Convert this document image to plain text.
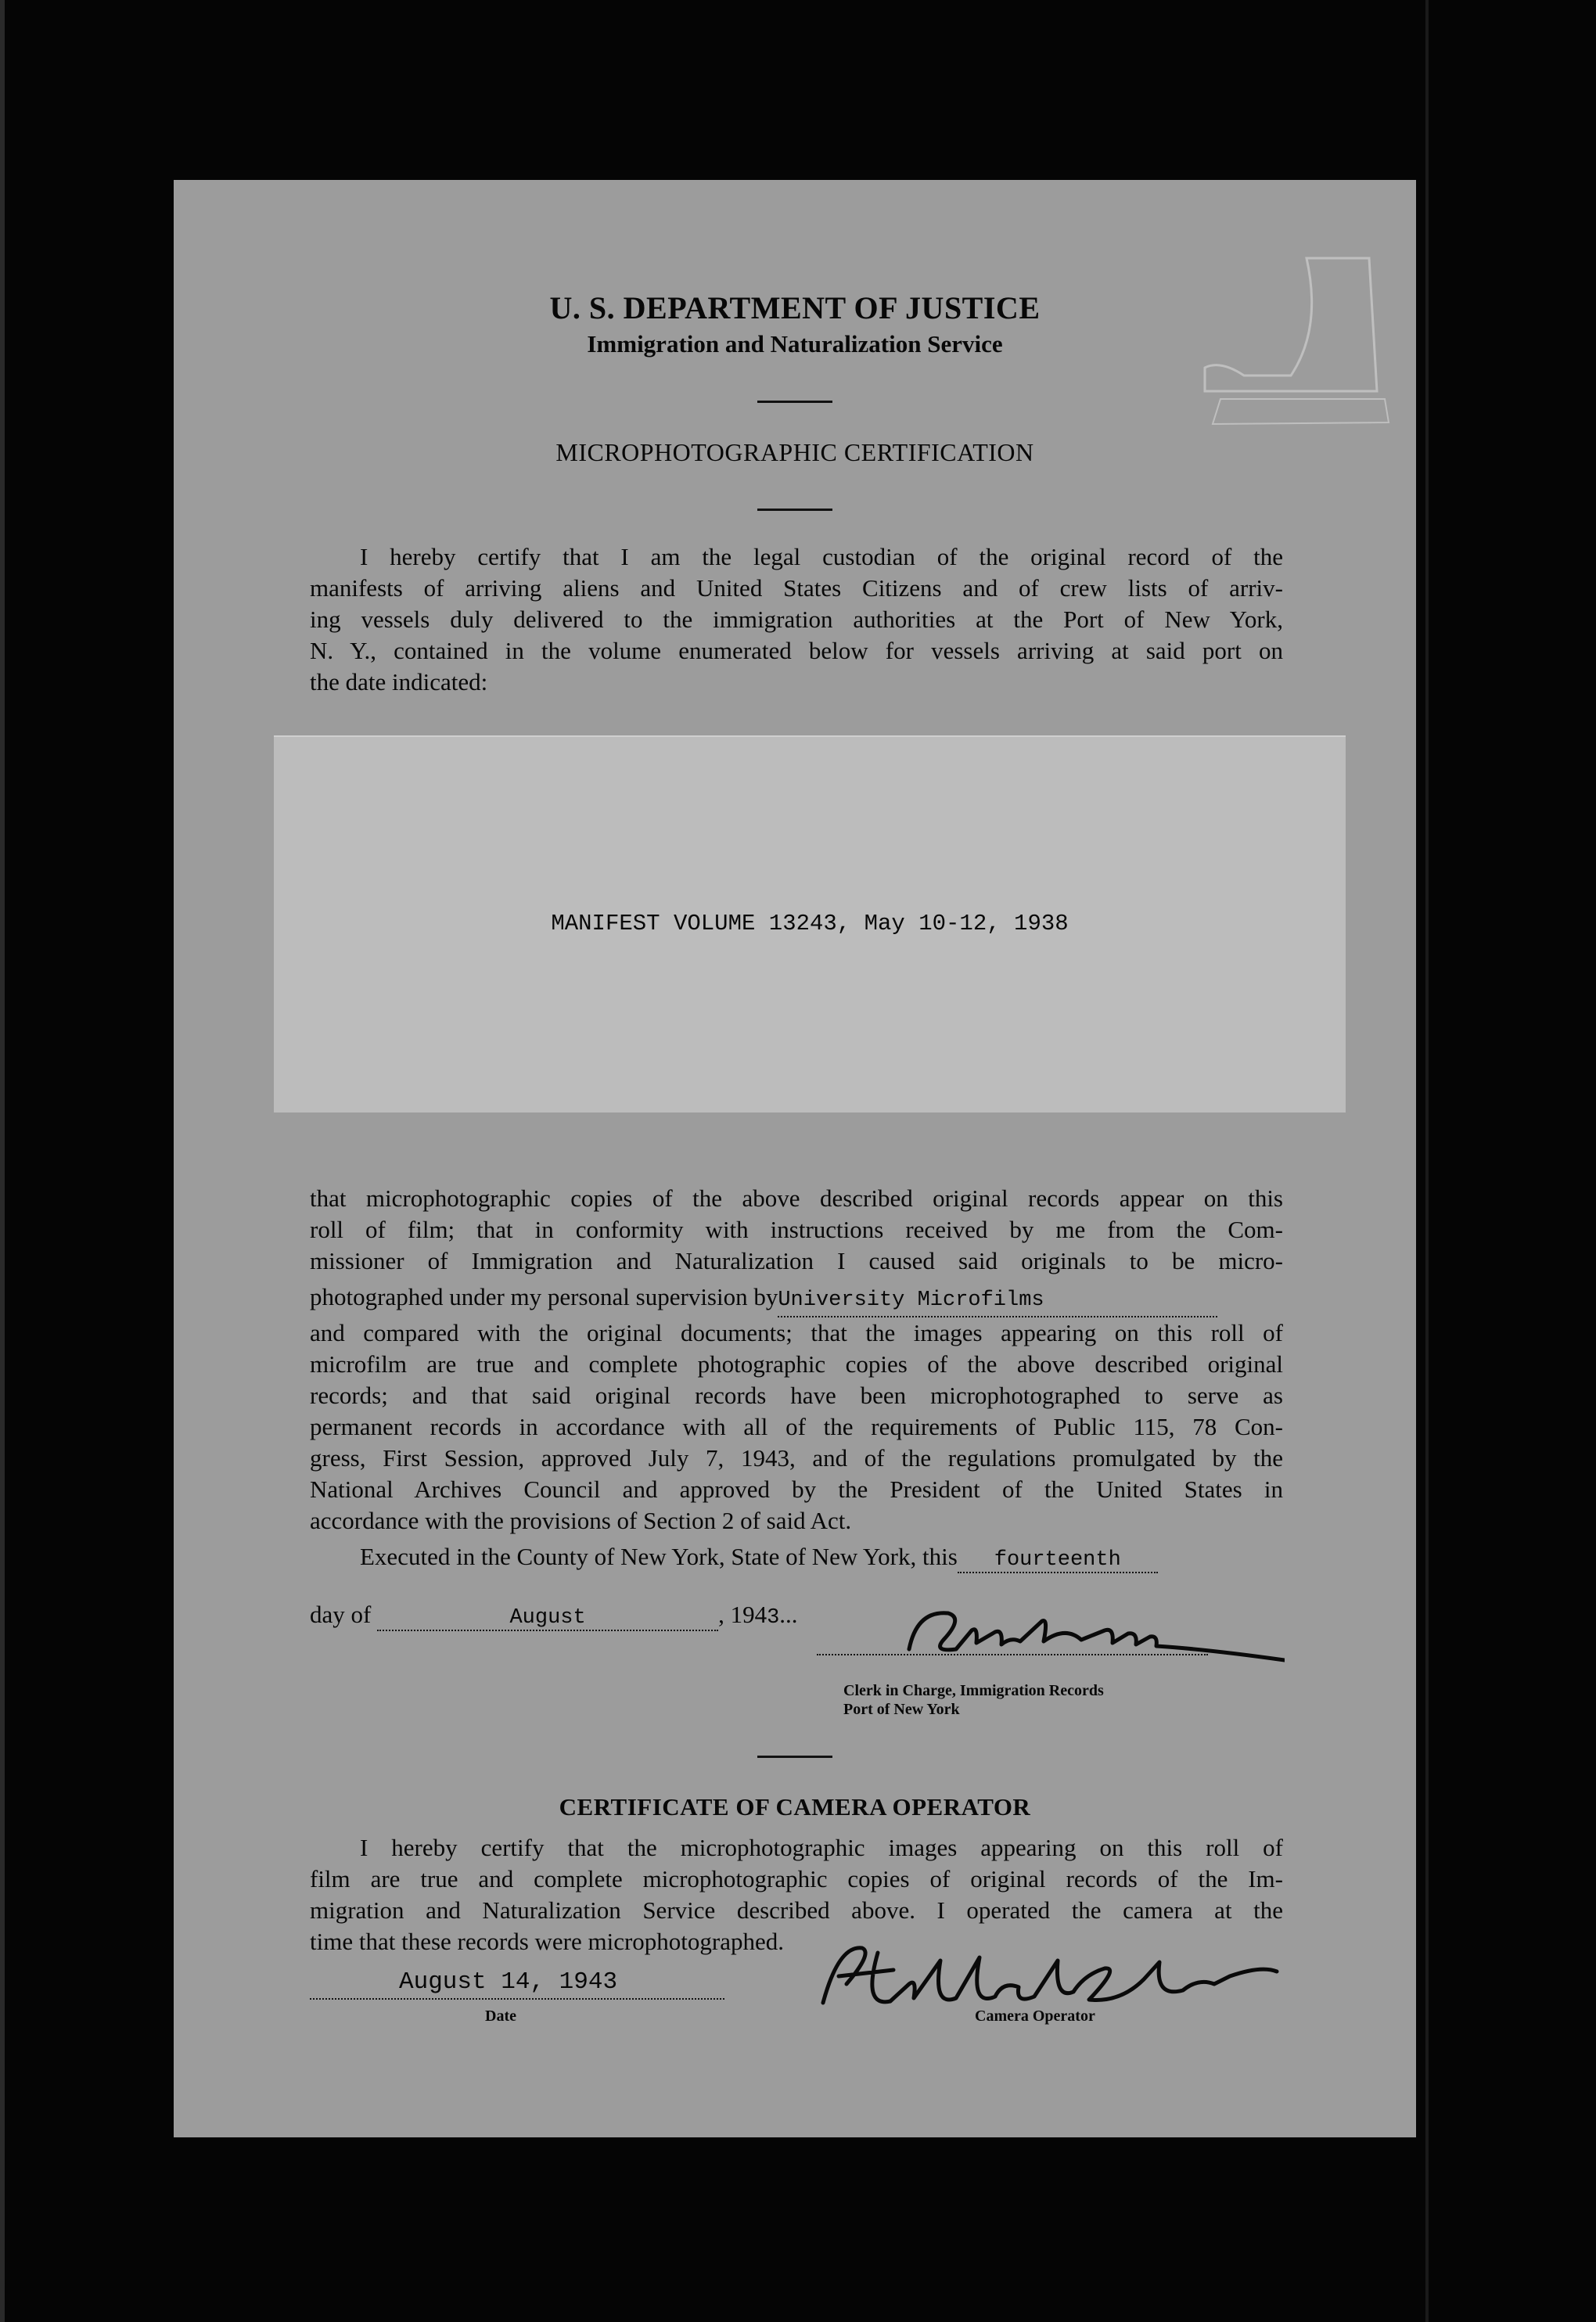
U. S. DEPARTMENT OF JUSTICE
Immigration and Naturalization Service
MICROPHOTOGRAPHIC CERTIFICATION
I hereby certify that I am the legal custodian of the original record of the
manifests of arriving aliens and United States Citizens and of crew lists of arriv-
ing vessels duly delivered to the immigration authorities at the Port of New York,
N. Y., contained in the volume enumerated below for vessels arriving at said port on
the date indicated:
MANIFEST VOLUME 13243, May 10-12, 1938
that microphotographic copies of the above described original records appear on this
roll of film; that in conformity with instructions received by me from the Com-
missioner of Immigration and Naturalization I caused said originals to be micro-
photographed under my personal supervision byUniversity Microfilms
and compared with the original documents; that the images appearing on this roll of
microfilm are true and complete photographic copies of the above described original
records; and that said original records have been microphotographed to serve as
permanent records in accordance with all of the requirements of Public 115, 78 Con-
gress, First Session, approved July 7, 1943, and of the regulations promulgated by the
National Archives Council and approved by the President of the United States in
accordance with the provisions of Section 2 of said Act.
Executed in the County of New York, State of New York, this fourteenth
day of	August	, 1943...
Clerk in Charge, Immigration Records
Port of New York
CERTIFICATE OF CAMERA OPERATOR
I hereby certify that the microphotographic images appearing on this roll of
film are true and complete microphotographic copies of original records of the Im-
migration and Naturalization Service described above. I operated the camera at the
time that these records were microphotographed.
August 14, 1943
Date	Camera Operator
